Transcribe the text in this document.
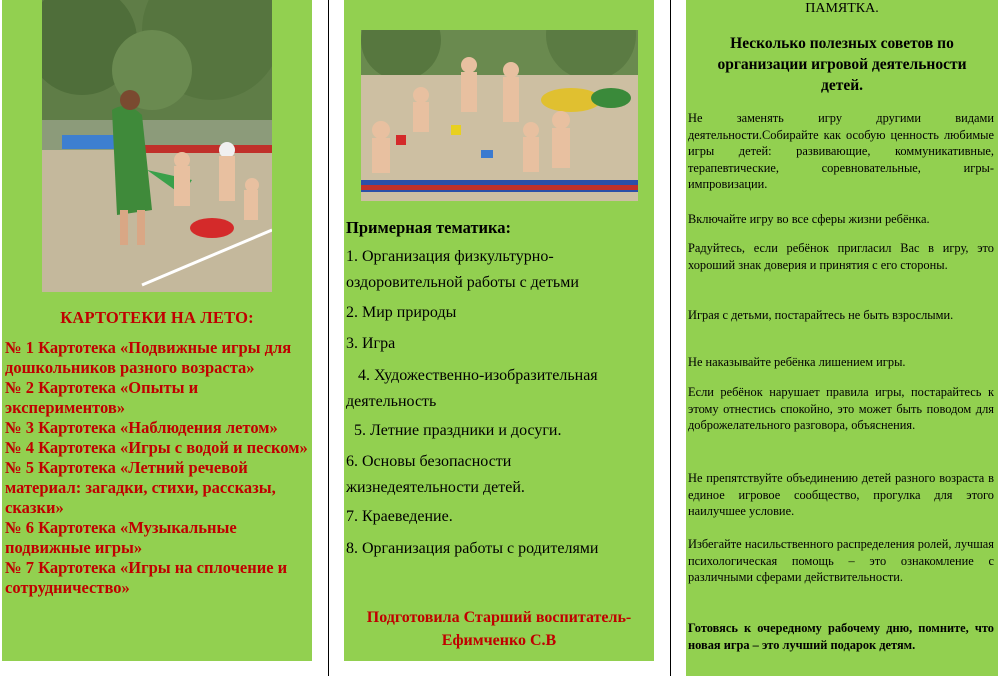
КАРТОТЕКИ НА ЛЕТО:
№ 1 Картотека «Подвижные игры для дошкольников разного возраста»
№ 2 Картотека «Опыты и экспериментов»
№ 3 Картотека «Наблюдения летом»
№ 4 Картотека «Игры с водой и песком»
№ 5 Картотека «Летний речевой материал: загадки, стихи, рассказы, сказки»
№ 6 Картотека «Музыкальные подвижные игры»
№ 7 Картотека «Игры на сплочение и сотрудничество»
Примерная тематика:

1. Организация физкультурно-оздоровительной работы с детьми

2. Мир природы

3. Игра

4. Художественно-изобразительная деятельность

5. Летние праздники и досуги.

6. Основы безопасности жизнедеятельности детей.

7. Краеведение.

8. Организация работы с родителями

Подготовила Старший воспитатель- Ефимченко С.В
ПАМЯТКА.
Несколько полезных советов по организации игровой деятельности детей.

Не заменять игру другими видами деятельности.Собирайте как особую ценность любимые игры детей: развивающие, коммуникативные, терапевтические, соревновательные, игры-импровизации.

Включайте игру во все сферы жизни ребёнка.

Радуйтесь, если ребёнок пригласил Вас в игру, это хороший знак доверия и принятия с его стороны.

Играя с детьми, постарайтесь не быть взрослыми.

Не наказывайте ребёнка лишением игры.

Если ребёнок нарушает правила игры, постарайтесь к этому отнестись спокойно, это может быть поводом для доброжелательного разговора, объяснения.

Не препятствуйте объединению детей разного возраста в единое игровое сообщество, прогулка для этого наилучшее условие.

Избегайте насильственного распределения ролей, лучшая психологическая помощь – это ознакомление с различными сферами действительности.

Готовясь к очередному рабочему дню, помните, что новая игра – это лучший подарок детям.
